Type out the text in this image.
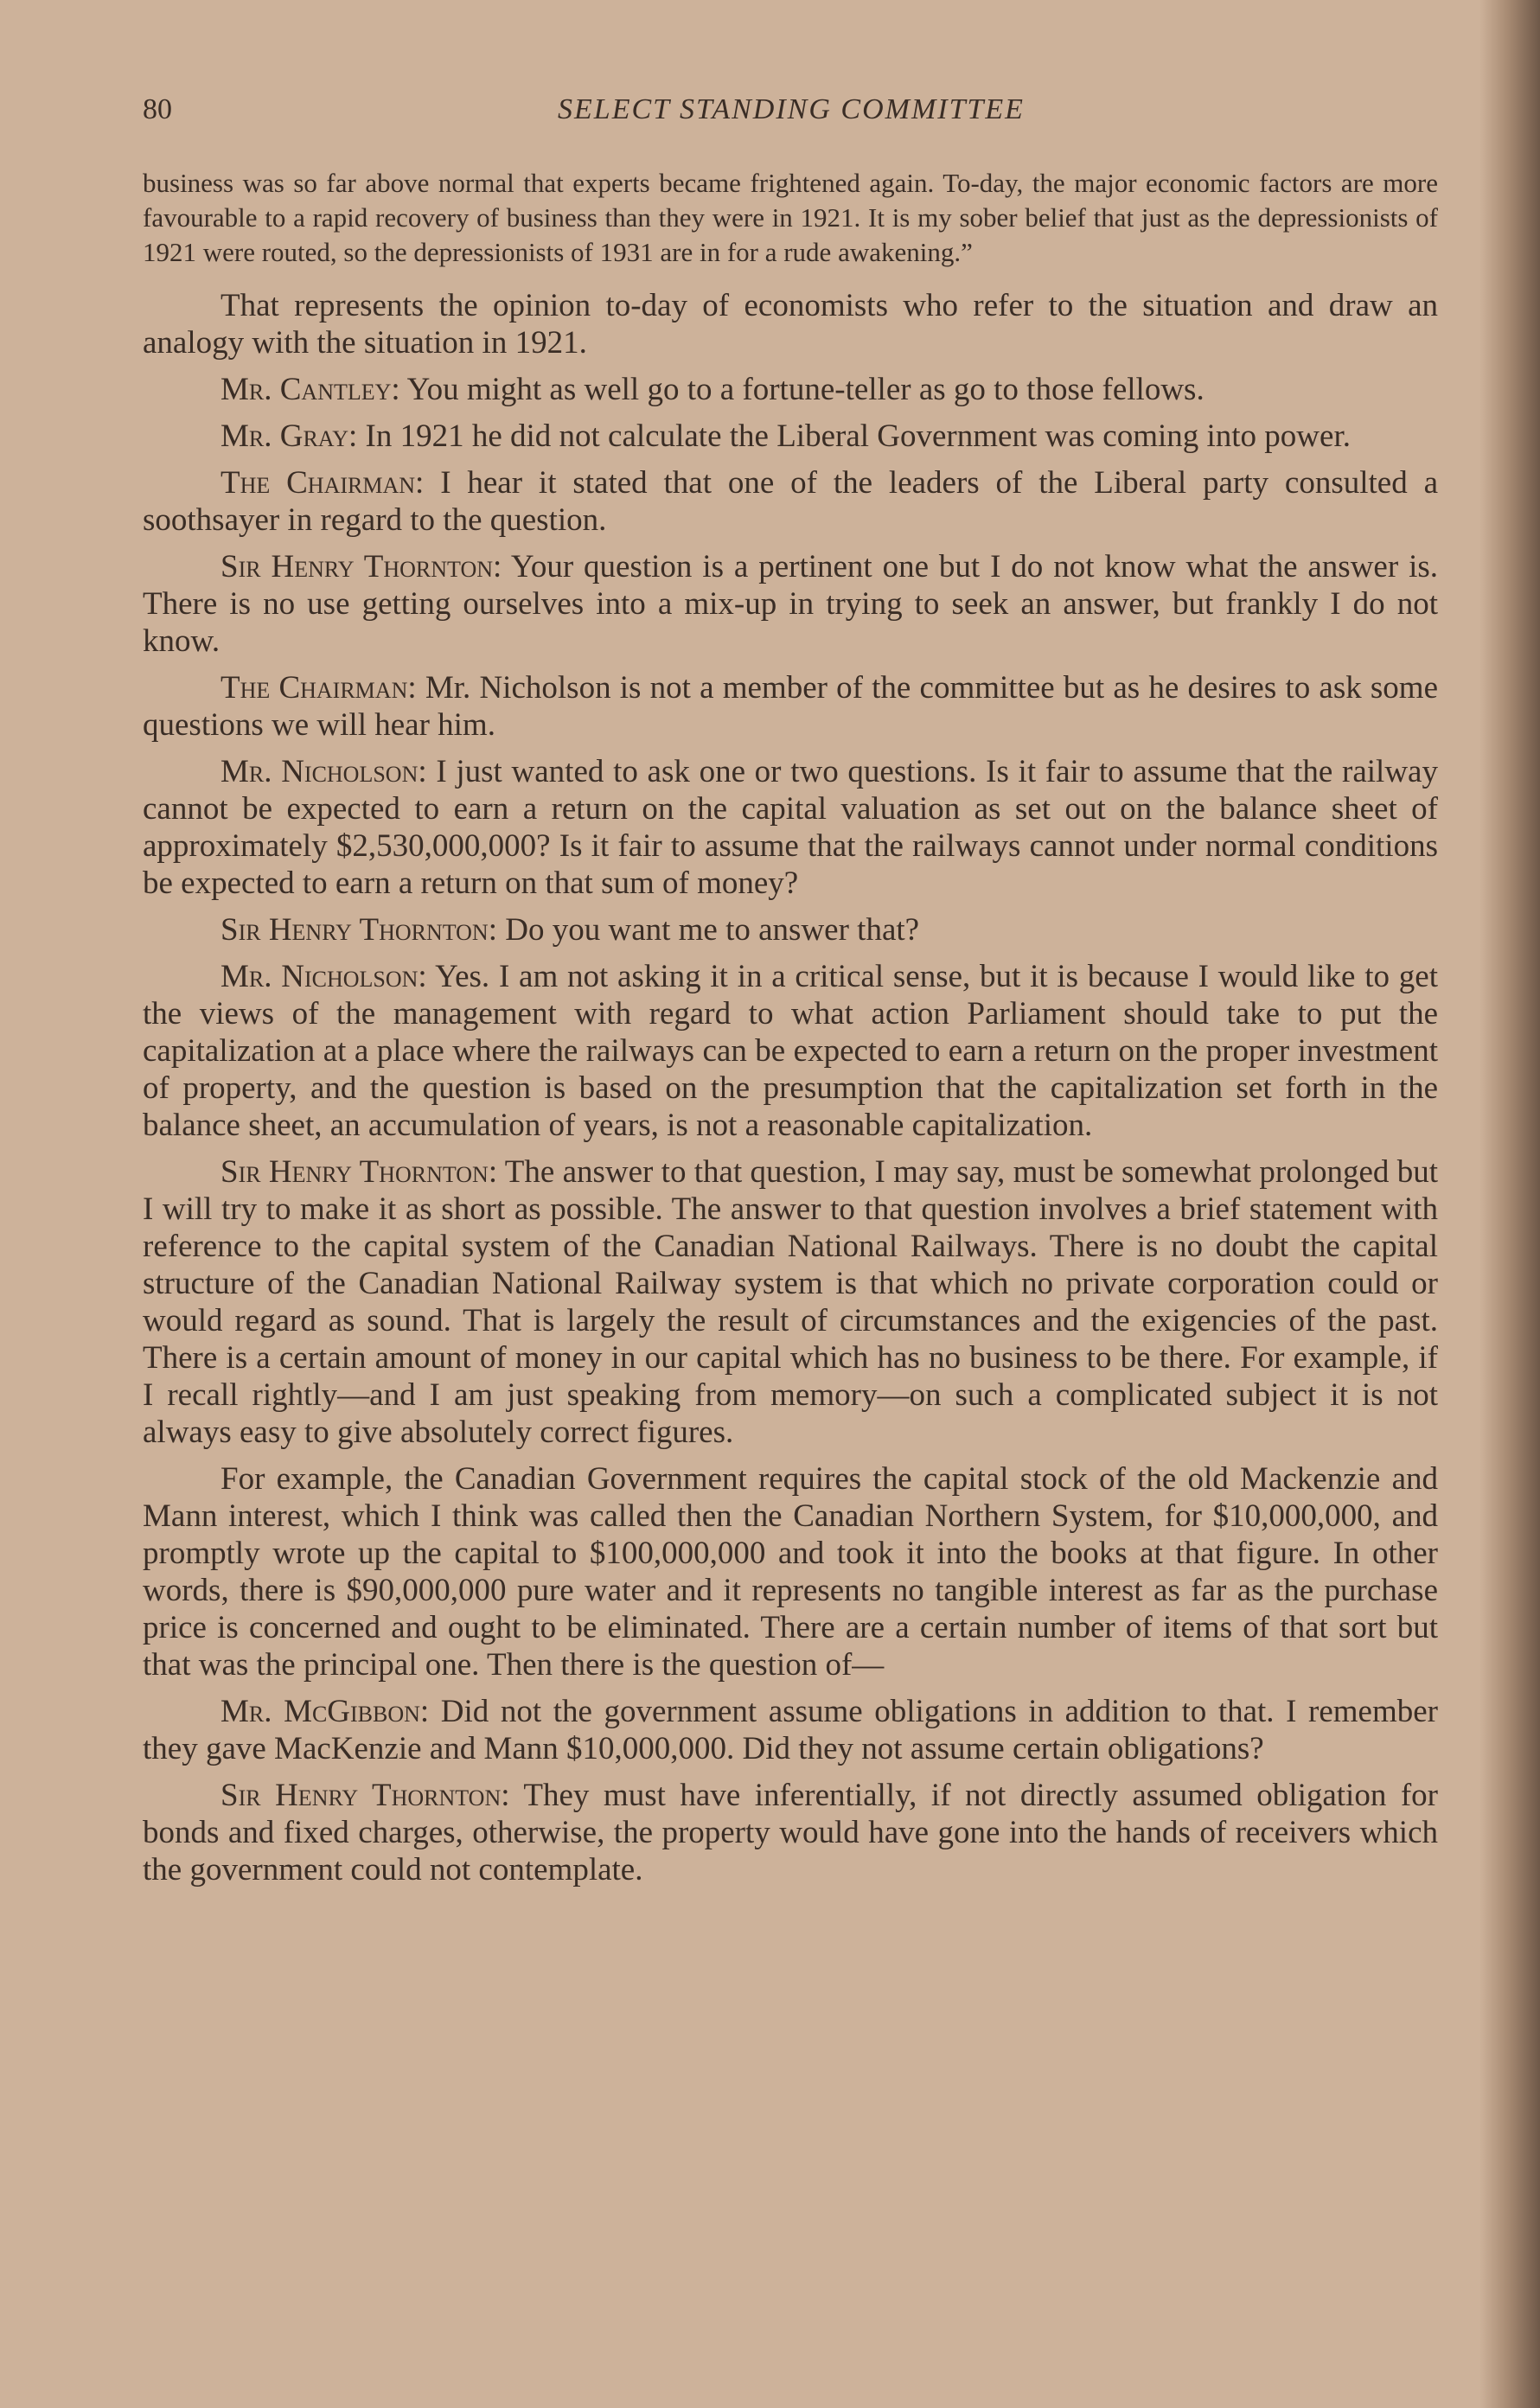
80	SELECT STANDING COMMITTEE

business was so far above normal that experts became frightened again. To-day, the major economic factors are more favourable to a rapid recovery of business than they were in 1921. It is my sober belief that just as the depressionists of 1921 were routed, so the depressionists of 1931 are in for a rude awakening.”

That represents the opinion to-day of economists who refer to the situation and draw an analogy with the situation in 1921.

Mr. Cantley: You might as well go to a fortune-teller as go to those fellows.

Mr. Gray: In 1921 he did not calculate the Liberal Government was coming into power.

The Chairman: I hear it stated that one of the leaders of the Liberal party consulted a soothsayer in regard to the question.

Sir Henry Thornton: Your question is a pertinent one but I do not know what the answer is. There is no use getting ourselves into a mix-up in trying to seek an answer, but frankly I do not know.

The Chairman: Mr. Nicholson is not a member of the committee but as he desires to ask some questions we will hear him.

Mr. Nicholson: I just wanted to ask one or two questions. Is it fair to assume that the railway cannot be expected to earn a return on the capital valuation as set out on the balance sheet of approximately $2,530,000,000? Is it fair to assume that the railways cannot under normal conditions be expected to earn a return on that sum of money?

Sir Henry Thornton: Do you want me to answer that?

Mr. Nicholson: Yes. I am not asking it in a critical sense, but it is because I would like to get the views of the management with regard to what action Parliament should take to put the capitalization at a place where the railways can be expected to earn a return on the proper investment of property, and the question is based on the presumption that the capitalization set forth in the balance sheet, an accumulation of years, is not a reasonable capitalization.

Sir Henry Thornton: The answer to that question, I may say, must be somewhat prolonged but I will try to make it as short as possible. The answer to that question involves a brief statement with reference to the capital system of the Canadian National Railways. There is no doubt the capital structure of the Canadian National Railway system is that which no private corporation could or would regard as sound. That is largely the result of circumstances and the exigencies of the past. There is a certain amount of money in our capital which has no business to be there. For example, if I recall rightly—and I am just speaking from memory—on such a complicated subject it is not always easy to give absolutely correct figures.

For example, the Canadian Government requires the capital stock of the old Mackenzie and Mann interest, which I think was called then the Canadian Northern System, for $10,000,000, and promptly wrote up the capital to $100,000,000 and took it into the books at that figure. In other words, there is $90,000,000 pure water and it represents no tangible interest as far as the purchase price is concerned and ought to be eliminated. There are a certain number of items of that sort but that was the principal one. Then there is the question of—

Mr. McGibbon: Did not the government assume obligations in addition to that. I remember they gave MacKenzie and Mann $10,000,000. Did they not assume certain obligations?

Sir Henry Thornton: They must have inferentially, if not directly assumed obligation for bonds and fixed charges, otherwise, the property would have gone into the hands of receivers which the government could not contemplate.
